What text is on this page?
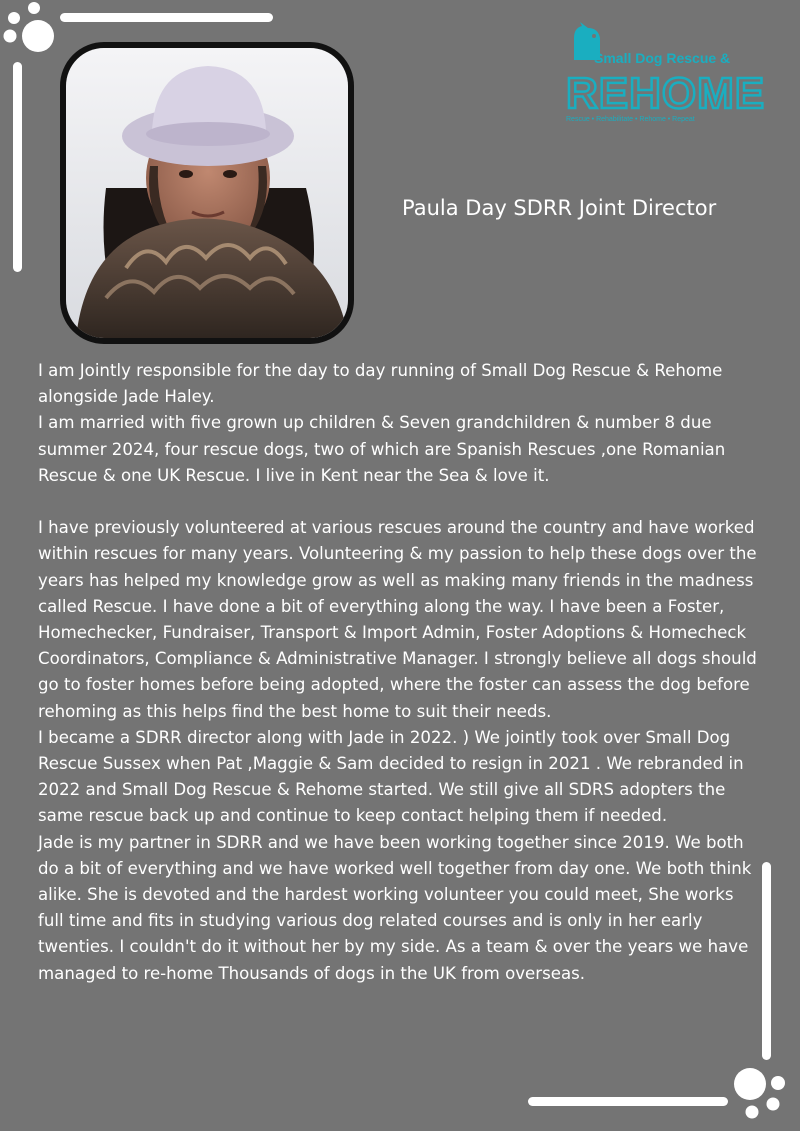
Small Dog Rescue &
REHOME
Rescue • Rehabilitate • Rehome • Repeat
Paula Day SDRR Joint Director

I am Jointly responsible for the day to day running of Small Dog Rescue & Rehome alongside Jade Haley.

I am married with five grown up children & Seven grandchildren & number 8 due summer 2024, four rescue dogs, two of which are Spanish Rescues ,one Romanian Rescue & one UK Rescue. I live in Kent near the Sea & love it.

I have previously volunteered at various rescues around the country and have worked within rescues for many years. Volunteering & my passion to help these dogs over the years has helped my knowledge grow as well as making many friends in the madness called Rescue. I have done a bit of everything along the way. I have been a Foster, Homechecker, Fundraiser, Transport & Import Admin, Foster Adoptions & Homecheck Coordinators, Compliance & Administrative Manager. I strongly believe all dogs should go to foster homes before being adopted, where the foster can assess the dog before rehoming as this helps find the best home to suit their needs.

I became a SDRR director along with Jade in 2022. ) We jointly took over Small Dog Rescue Sussex when Pat ,Maggie & Sam decided to resign in 2021 . We rebranded in 2022 and Small Dog Rescue & Rehome started. We still give all SDRS adopters the same rescue back up and continue to keep contact helping them if needed.

Jade is my partner in SDRR and we have been working together since 2019. We both do a bit of everything and we have worked well together from day one. We both think alike. She is devoted and the hardest working volunteer you could meet, She works full time and fits in studying various dog related courses and is only in her early twenties. I couldn't do it without her by my side. As a team & over the years we have managed to re-home Thousands of dogs in the UK from overseas.
